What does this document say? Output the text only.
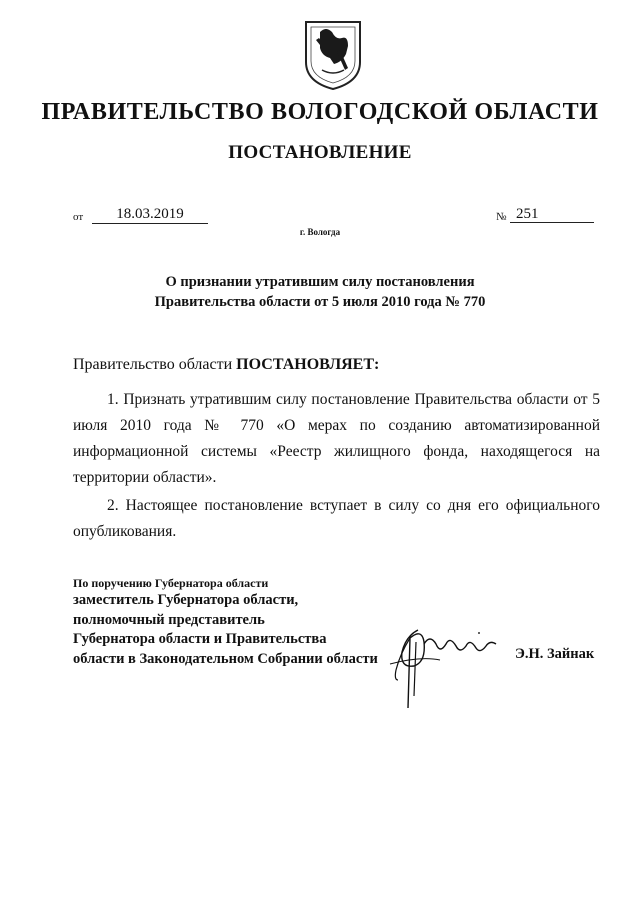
ПРАВИТЕЛЬСТВО ВОЛОГОДСКОЙ ОБЛАСТИ
ПОСТАНОВЛЕНИЕ
от	18.03.2019	№ 251
г. Вологда
О признании утратившим силу постановления
Правительства области от 5 июля 2010 года № 770
Правительство области ПОСТАНОВЛЯЕТ:
1. Признать утратившим силу постановление Правительства области от 5 июля 2010 года № 770 «О мерах по созданию автоматизированной информационной системы «Реестр жилищного фонда, находящегося на территории области».
2. Настоящее постановление вступает в силу со дня его официального опубликования.
По поручению Губернатора области
заместитель Губернатора области,
полномочный представитель
Губернатора области и Правительства
области в Законодательном Собрании области	Э.Н. Зайнак
